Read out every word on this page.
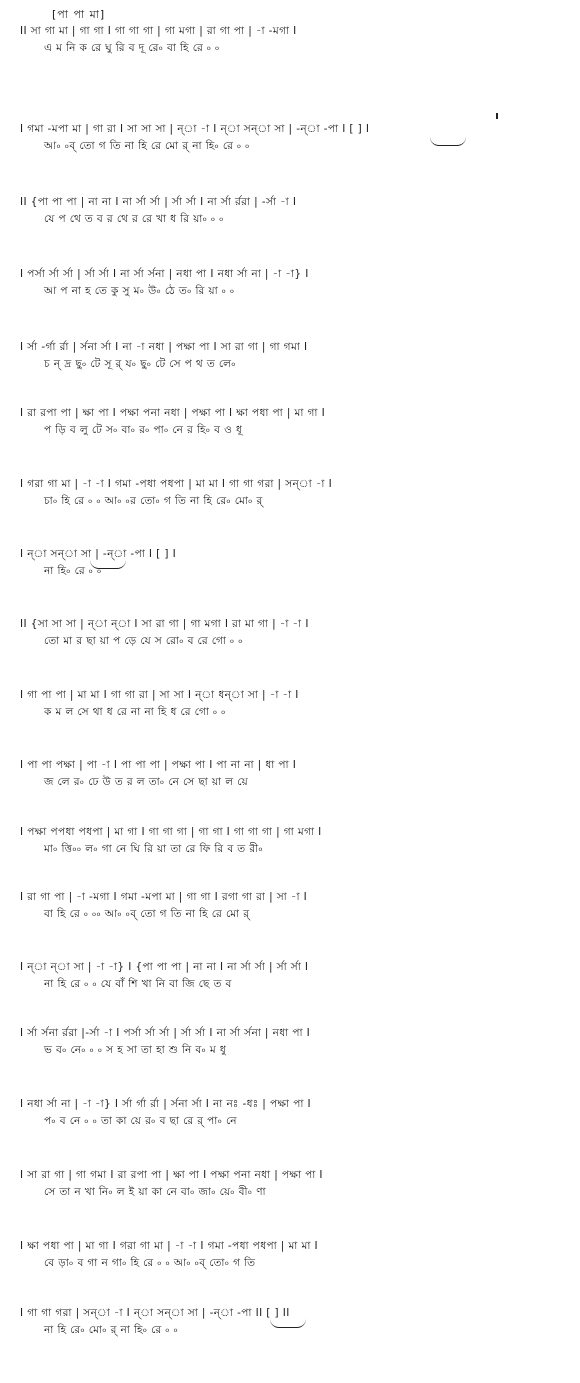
[পা পা মা]
II সা গা মা | গা গা I গা গা গা | গা মগা | রা গা পা | -া -মগা I
এ ম নি ক রে ঘু রি ব দূ রে৹ বা হি রে ৹ ৹
I গমা -মপা মা | গা রা I সা সা সা | ন্া -া I ন্া সন্া সা | -ন্া -পা I [ ] I
আ৹ ৹ব্ তো গ তি না হি রে মো র্ না হি৹ রে ৹ ৹
II {পা পা পা | না না I না র্সা র্সা | র্সা র্সা I না র্সা র্ররা | -র্সা -া I
যে প থে ত ব র থে র রে খা ধ রি য়া৹ ৹ ৹
I পর্সা র্সা র্সা | র্সা র্সা I না র্সা র্সনা | নধা পা I নধা র্সা না | -া -া} I
আ প না হ তে কু সু ম৹ উ৹ ঠে ত৹ রি য়া ৹ ৹
I র্সা -র্গা র্রা | র্সনা র্সা I না -া নধা | পক্ষা পা I সা রা গা | গা গমা I
চ ন্ দ্র ছু৹ টে সূ র্ য৹ ছু৹ টে সে প থ ত লে৹
I রা রপা পা | ক্ষা পা I পক্ষা পনা নধা | পক্ষা পা I ক্ষা পধা পা | মা গা I
প ড়ি ব লু টে স৹ বা৹ র৹ পা৹ নে র হি৹ ব ও ধূ
I গরা গা মা | -া -া I গমা -পধা পধপা | মা মা I গা গা গরা | সন্া -া I
চা৹ হি রে ৹ ৹ আ৹ ৹র তো৹ গ তি না হি রে৹ মো৹ র্
I ন্া সন্া সা | -ন্া -পা I [ ] I
না হি৹ রে ৹ ৹
II {সা সা সা | ন্া ন্া I সা রা গা | গা মগা I রা মা গা | -া -া I
তো মা র ছা য়া প ড়ে যে স রো৹ ব রে গো ৹ ৹
I গা পা পা | মা মা I গা গা রা | সা সা I ন্া ধন্া সা | -া -া I
ক ম ল সে থা ধ রে না না হি ধ রে গো ৹ ৹
I পা পা পক্ষা | পা -া I পা পা পা | পক্ষা পা I পা না না | ধা পা I
জ লে র৹ ঢে উ ত র ল তা৹ নে সে ছা য়া ল য়ে
I পক্ষা পপধা পধপা | মা গা I গা গা গা | গা গা I গা গা গা | গা মগা I
মা৹ ত্তি৹৹ ল৹ গা নে ঘি রি য়া তা রে ফি রি ব ত রী৹
I রা গা পা | -া -মগা I গমা -মপা মা | গা গা I রগা গা রা | সা -া I
বা হি রে ৹ ৹৹ আ৹ ৹ব্ তো গ তি না হি রে মো র্
I ন্া ন্া সা | -া -া} I {পা পা পা | না না I না র্সা র্সা | র্সা র্সা I
না হি রে ৹ ৹ যে বাঁ শি খা নি বা জি ছে ত ব
I র্সা র্সনা র্ররা |-র্সা -া I পর্সা র্সা র্সা | র্সা র্সা I না র্সা র্সনা | নধা পা I
ভ ব৹ নে৹ ৹ ৹ স হ সা তা হা শু নি ব৹ ম ধু
I নধা র্সা না | -া -া} I র্সা র্গা র্রা | র্সনা র্সা I না নঃ -ধঃ | পক্ষা পা I
প৹ ব নে ৹ ৹ তা কা য়ে র৹ ব ছা রে র্ পা৹ নে
I সা রা গা | গা গমা I রা রপা পা | ক্ষা পা I পক্ষা পনা নধা | পক্ষা পা I
সে তা ন খা নি৹ ল ই য়া কা নে বা৹ জা৹ য়ে৹ বী৹ ণা
I ক্ষা পধা পা | মা গা I গরা গা মা | -া -া I গমা -পধা পধপা | মা মা I
বে ড়া৹ ব গা ন গা৹ হি রে ৹ ৹ আ৹ ৹ব্ তো৹ গ তি
I গা গা গরা | সন্া -া I ন্া সন্া সা | -ন্া -পা II [ ] II
না হি রে৹ মো৹ র্ না হি৹ রে ৹ ৹
